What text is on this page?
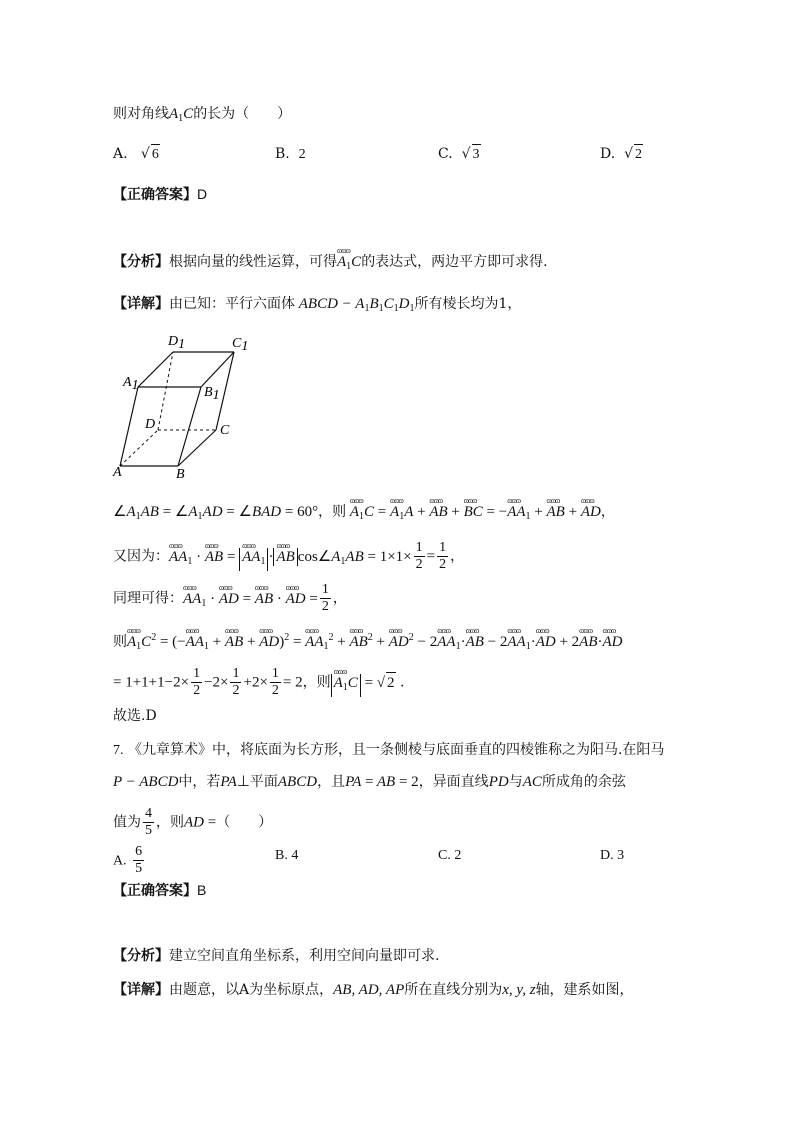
则对角线$A_1C$的长为（　　）
A.   √ 6	B. 2	C.  √ 3	D.  √ 2
【正确答案】D
【分析】根据向量的线性运算，可得ɷɷɷ $A_1C$的表达式，两边平方即可求得.
【详解】由已知：平行六面体 ABCD − $A_1B_1C_1D_1$所有棱长均为1，
D1	C1
A1	B1
D	C
A	B
$\angle A_1AB$ = $\angle A_1AD$ = ∠BAD = 60°，则 ɷɷɷ $A_1C$ = ɷɷɷ $A_1A$ + ɷɷɷ AB + ɷɷɷ BC = −ɷɷɷ $AA_1$ + ɷɷɷ AB + ɷɷɷ AD，
又因为：ɷɷɷ $AA_1$ · ɷɷɷ AB = ɷɷɷ $AA_1$ · ɷɷɷ AB $\cos\angle A_1AB = 1\times 1\times \frac{1}{2} = \frac{1}{2}$ ，
同理可得：ɷɷɷ $AA_1$ · ɷɷɷ AD = ɷɷɷ AB · ɷɷɷ AD = $\frac{1}{2}$ ，
则ɷɷɷ $A_1C^2$ = (−ɷɷɷ $AA_1$ + ɷɷɷ AB + ɷɷɷ AD)$^2$ = ɷɷɷ $AA_1^2$ + ɷɷɷ $AB^2$ + ɷɷɷ $AD^2$ − 2ɷɷɷ $AA_1\cdot ɷɷɷ$ AB − 2ɷɷɷ $AA_1\cdot ɷɷɷ$ AD + 2ɷɷɷ AB·ɷɷɷ AD
= $1+1+1-2\times \frac{1}{2} -2\times \frac{1}{2} +2\times \frac{1}{2} = 2$，则 ɷɷɷ $A_1C$ = √ 2 .
故选.D
7. 《九章算术》中，将底面为长方形，且一条侧棱与底面垂直的四棱锥称之为阳马.在阳马
P − ABCD中，若PA⊥平面ABCD，且PA = AB = 2，异面直线PD与AC所成角的余弦
值为 $\frac{4}{5}$ ，则AD =（　　）
A. $\frac{6}{5}$	B. 4	C. 2	D. 3
【正确答案】B
【分析】建立空间直角坐标系，利用空间向量即可求.
【详解】由题意，以A为坐标原点，AB, AD, AP所在直线分别为x, y, z轴，建系如图，
